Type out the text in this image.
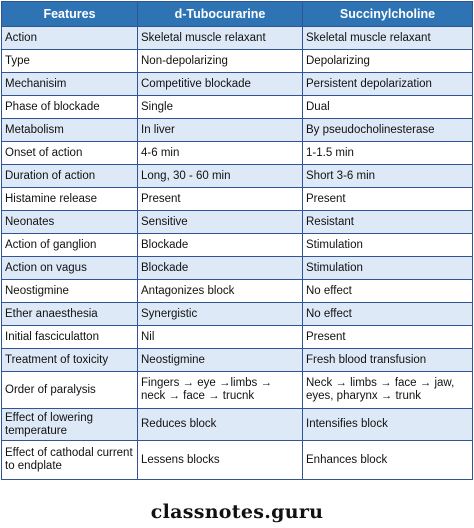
Features	d-Tubocurarine	Succinylcholine
Action	Skeletal muscle relaxant	Skeletal muscle relaxant
Type	Non-depolarizing	Depolarizing
Mechanisim	Competitive blockade	Persistent depolarization
Phase of blockade	Single	Dual
Metabolism	In liver	By pseudocholinesterase
Onset of action	4-6 min	1-1.5 min
Duration of action	Long, 30 - 60 min	Short 3-6 min
Histamine release	Present	Present
Neonates	Sensitive	Resistant
Action of ganglion	Blockade	Stimulation
Action on vagus	Blockade	Stimulation
Neostigmine	Antagonizes block	No effect
Ether anaesthesia	Synergistic	No effect
Initial fasciculatton	Nil	Present
Treatment of toxicity	Neostigmine	Fresh blood transfusion
Order of paralysis	Fingers → eye →limbs → neck → face → trucnk	Neck → limbs → face → jaw, eyes, pharynx → trunk
Effect of lowering temperature	Reduces block	Intensifies block
Effect of cathodal current to endplate	Lessens blocks	Enhances block
classnotes.guru
